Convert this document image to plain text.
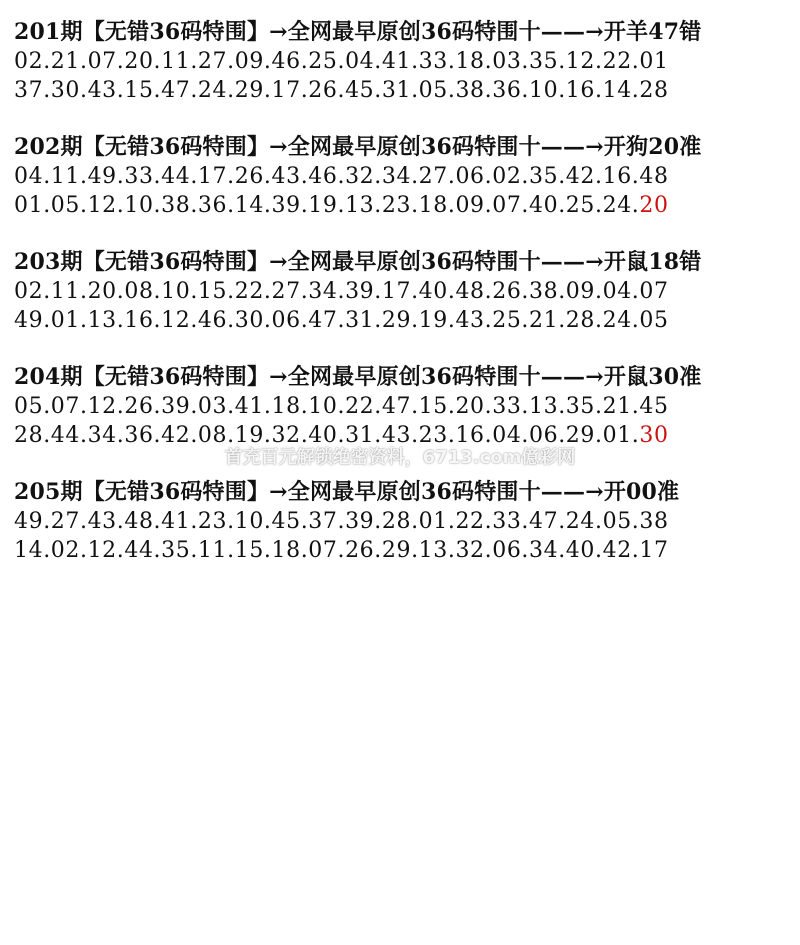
201期【无错36码特围】→全网最早原创36码特围十——→开羊47错
02.21.07.20.11.27.09.46.25.04.41.33.18.03.35.12.22.01
37.30.43.15.47.24.29.17.26.45.31.05.38.36.10.16.14.28
202期【无错36码特围】→全网最早原创36码特围十——→开狗20准
04.11.49.33.44.17.26.43.46.32.34.27.06.02.35.42.16.48
01.05.12.10.38.36.14.39.19.13.23.18.09.07.40.25.24.20
203期【无错36码特围】→全网最早原创36码特围十——→开鼠18错
02.11.20.08.10.15.22.27.34.39.17.40.48.26.38.09.04.07
49.01.13.16.12.46.30.06.47.31.29.19.43.25.21.28.24.05
204期【无错36码特围】→全网最早原创36码特围十——→开鼠30准
05.07.12.26.39.03.41.18.10.22.47.15.20.33.13.35.21.45
28.44.34.36.42.08.19.32.40.31.43.23.16.04.06.29.01.30
205期【无错36码特围】→全网最早原创36码特围十——→开00准
49.27.43.48.41.23.10.45.37.39.28.01.22.33.47.24.05.38
14.02.12.44.35.11.15.18.07.26.29.13.32.06.34.40.42.17
首充百元解锁绝密资料，6713.com億彩网
